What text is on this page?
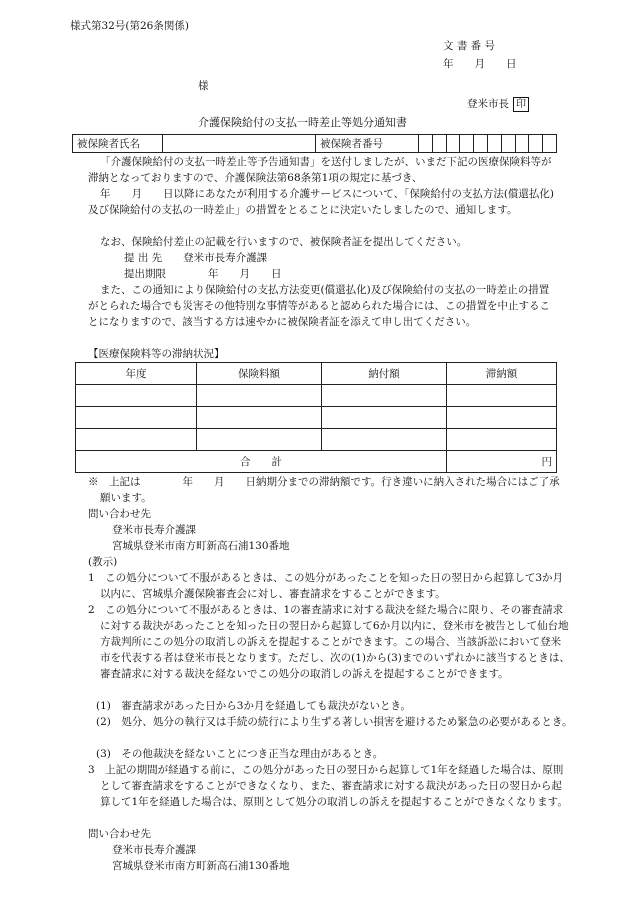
様式第32号(第26条関係)
文 書 番 号
年　　月　　日
様
登米市長 印
介護保険給付の支払一時差止等処分通知書
被保険者氏名		被保険者番号										
「介護保険給付の支払一時差止等予告通知書」を送付しましたが、いまだ下記の医療保険料等が滞納となっておりますので、介護保険法第68条第1項の規定に基づき、
年　　月　　日以降にあなたが利用する介護サービスについて、「保険給付の支払方法(償還払化)及び保険給付の支払の一時差止」の措置をとることに決定いたしましたので、通知します。
なお、保険給付差止の記載を行いますので、被保険者証を提出してください。
提 出 先　　登米市長寿介護課
提出期限　　　　年　　月　　日
また、この通知により保険給付の支払方法変更(償還払化)及び保険給付の支払の一時差止の措置がとられた場合でも災害その他特別な事情等があると認められた場合には、この措置を中止することになりますので、該当する方は速やかに被保険者証を添えて申し出てください。
【医療保険料等の滞納状況】
年度	保険料額	納付額	滞納額

合　　計			円
※　上記は　　　　年　　月　　日納期分までの滞納額です。行き違いに納入された場合にはご了承願います。
問い合わせ先
登米市長寿介護課
宮城県登米市南方町新高石浦130番地
(教示)
1　この処分について不服があるときは、この処分があったことを知った日の翌日から起算して3か月以内に、宮城県介護保険審査会に対し、審査請求をすることができます。
2　この処分について不服があるときは、1の審査請求に対する裁決を経た場合に限り、その審査請求に対する裁決があったことを知った日の翌日から起算して6か月以内に、登米市を被告として仙台地方裁判所にこの処分の取消しの訴えを提起することができます。この場合、当該訴訟において登米市を代表する者は登米市長となります。ただし、次の(1)から(3)までのいずれかに該当するときは、審査請求に対する裁決を経ないでこの処分の取消しの訴えを提起することができます。
(1)　審査請求があった日から3か月を経過しても裁決がないとき。
(2)　処分、処分の執行又は手続の続行により生ずる著しい損害を避けるため緊急の必要があるとき。
(3)　その他裁決を経ないことにつき正当な理由があるとき。
3　上記の期間が経過する前に、この処分があった日の翌日から起算して1年を経過した場合は、原則として審査請求をすることができなくなり、また、審査請求に対する裁決があった日の翌日から起算して1年を経過した場合は、原則として処分の取消しの訴えを提起することができなくなります。
問い合わせ先
登米市長寿介護課
宮城県登米市南方町新高石浦130番地
